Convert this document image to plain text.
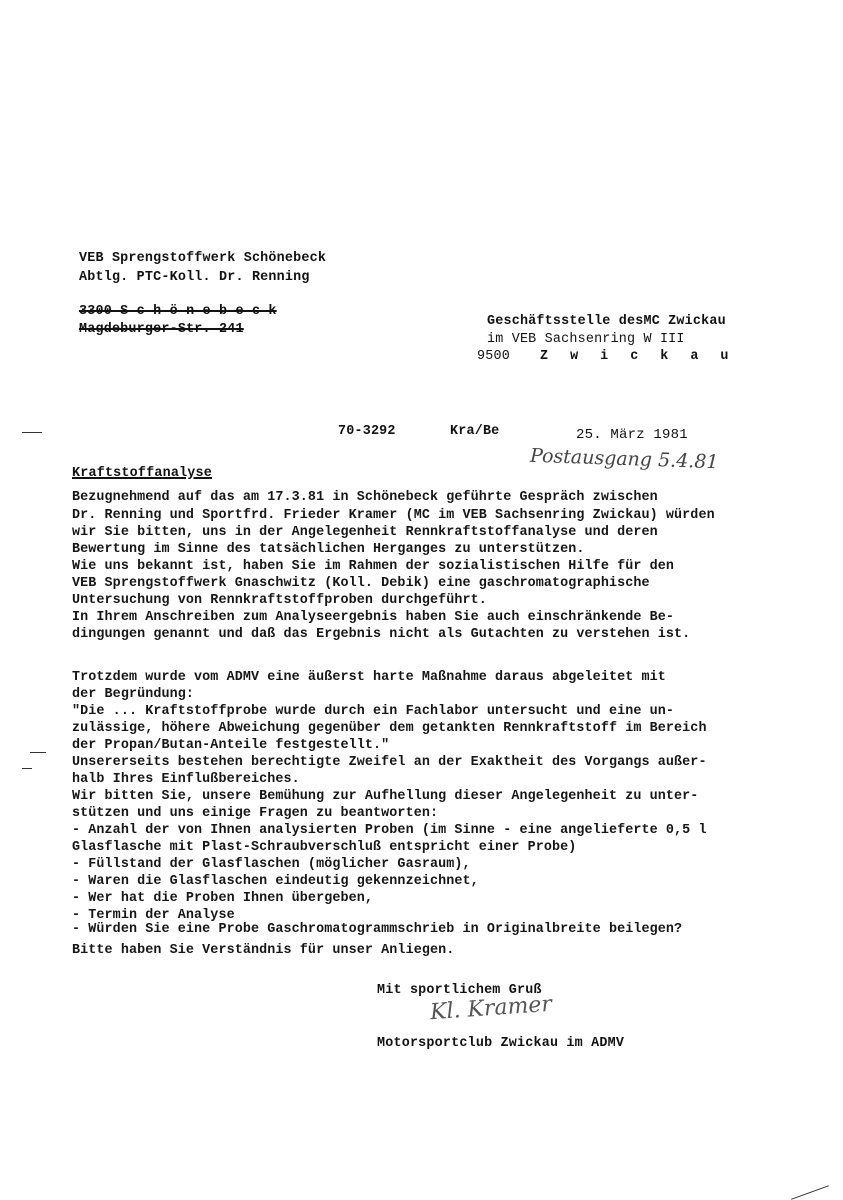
VEB Sprengstoffwerk Schönebeck
Abtlg. PTC-Koll. Dr. Renning
3300 S c h ö n e b e c k
Magdeburger-Str. 241
Geschäftsstelle desMC Zwickau
im VEB Sachsenring W III
9500 Z w i c k a u
70-3292	Kra/Be	25. März 1981
Postausgang 5.4.81
Kraftstoffanalyse
Bezugnehmend auf das am 17.3.81 in Schönebeck geführte Gespräch zwischen
Dr. Renning und Sportfrd. Frieder Kramer (MC im VEB Sachsenring Zwickau) würden
wir Sie bitten, uns in der Angelegenheit Rennkraftstoffanalyse und deren
Bewertung im Sinne des tatsächlichen Herganges zu unterstützen.
Wie uns bekannt ist, haben Sie im Rahmen der sozialistischen Hilfe für den
VEB Sprengstoffwerk Gnaschwitz (Koll. Debik) eine gaschromatographische
Untersuchung von Rennkraftstoffproben durchgeführt.
In Ihrem Anschreiben zum Analyseergebnis haben Sie auch einschränkende Be-
dingungen genannt und daß das Ergebnis nicht als Gutachten zu verstehen ist.
Trotzdem wurde vom ADMV eine äußerst harte Maßnahme daraus abgeleitet mit
der Begründung:
"Die ... Kraftstoffprobe wurde durch ein Fachlabor untersucht und eine un-
zulässige, höhere Abweichung gegenüber dem getankten Rennkraftstoff im Bereich
der Propan/Butan-Anteile festgestellt."
Unsererseits bestehen berechtigte Zweifel an der Exaktheit des Vorgangs außer-
halb Ihres Einflußbereiches.
Wir bitten Sie, unsere Bemühung zur Aufhellung dieser Angelegenheit zu unter-
stützen und uns einige Fragen zu beantworten:
- Anzahl der von Ihnen analysierten Proben (im Sinne - eine angelieferte 0,5 l
Glasflasche mit Plast-Schraubverschluß entspricht einer Probe)
- Füllstand der Glasflaschen (möglicher Gasraum),
- Waren die Glasflaschen eindeutig gekennzeichnet,
- Wer hat die Proben Ihnen übergeben,
- Termin der Analyse
- Würden Sie eine Probe Gaschromatogrammschrieb in Originalbreite beilegen?
Bitte haben Sie Verständnis für unser Anliegen.
Mit sportlichem Gruß
Kl. Kramer
Motorsportclub Zwickau im ADMV
